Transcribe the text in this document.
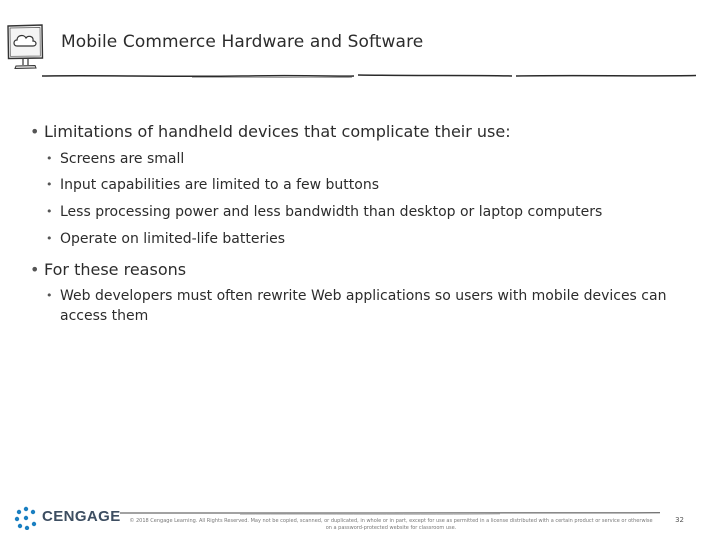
Mobile Commerce Hardware and Software
• Limitations of handheld devices that complicate their use:
• Screens are small
• Input capabilities are limited to a few buttons
• Less processing power and less bandwidth than desktop or laptop computers
• Operate on limited-life batteries
• For these reasons
• Web developers must often rewrite Web applications so users with mobile devices can access them
CENGAGE	© 2018 Cengage Learning. All Rights Reserved. May not be copied, scanned, or duplicated, in whole or in part, except for use as permitted in a license distributed with a certain product or service or otherwise on a password-protected website for classroom use.
32
